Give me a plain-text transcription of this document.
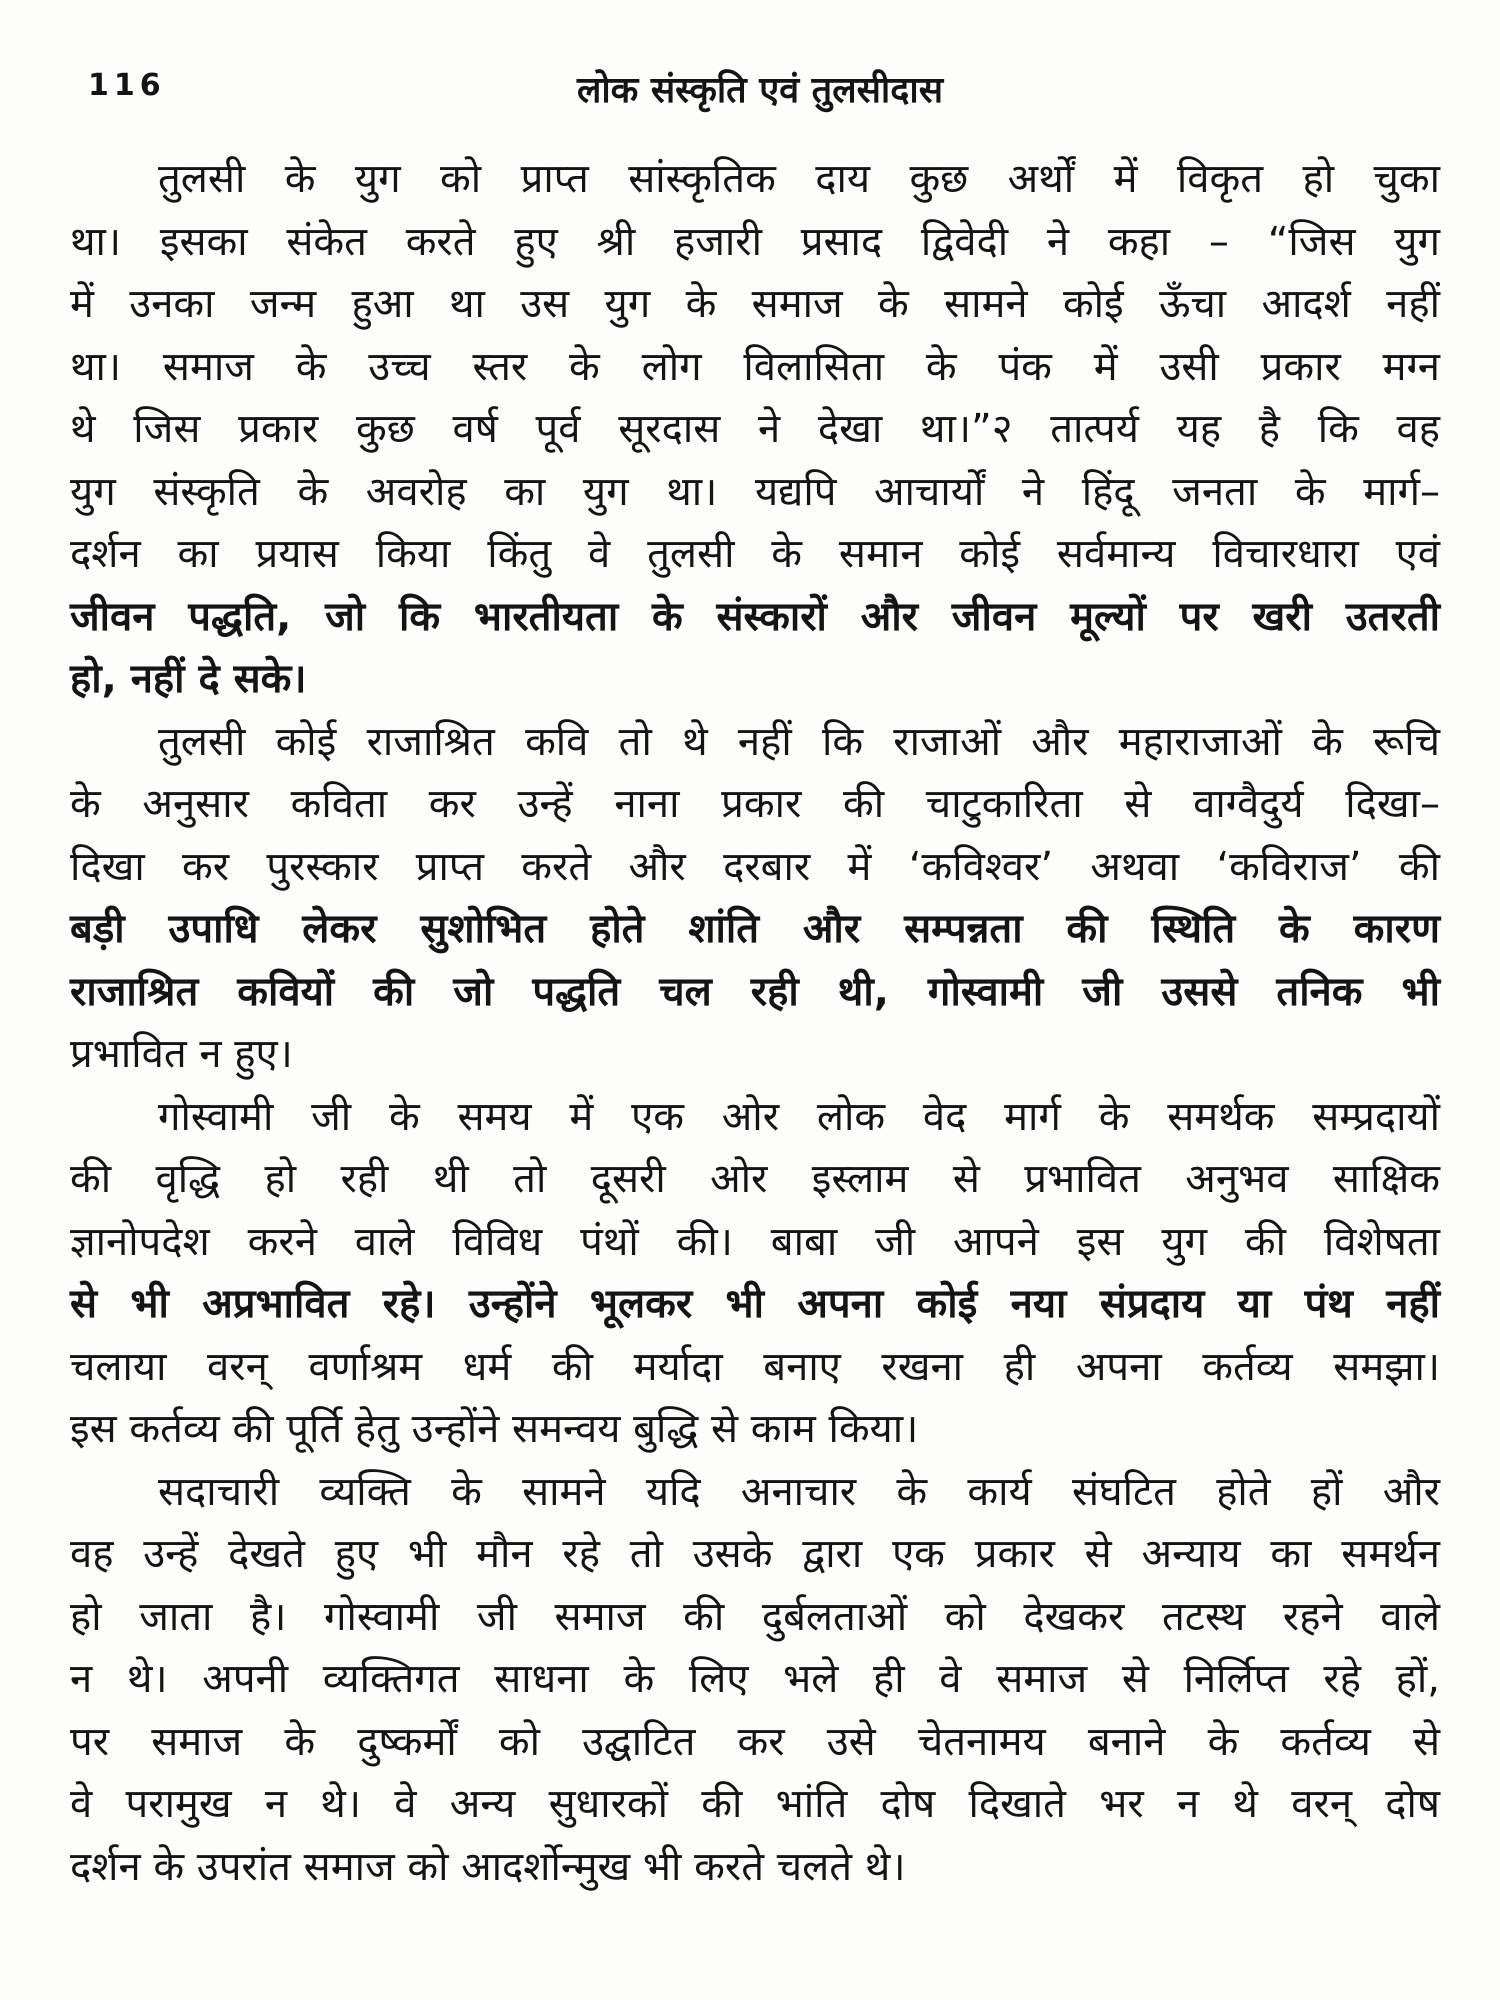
116	लोक संस्कृति एवं तुलसीदास
तुलसी के युग को प्राप्त सांस्कृतिक दाय कुछ अर्थों में विकृत हो चुका
था। इसका संकेत करते हुए श्री हजारी प्रसाद द्विवेदी ने कहा – “जिस युग
में उनका जन्म हुआ था उस युग के समाज के सामने कोई ऊँचा आदर्श नहीं
था। समाज के उच्च स्तर के लोग विलासिता के पंक में उसी प्रकार मग्न
थे जिस प्रकार कुछ वर्ष पूर्व सूरदास ने देखा था।”२ तात्पर्य यह है कि वह
युग संस्कृति के अवरोह का युग था। यद्यपि आचार्यों ने हिंदू जनता के मार्ग–
दर्शन का प्रयास किया किंतु वे तुलसी के समान कोई सर्वमान्य विचारधारा एवं
जीवन पद्धति, जो कि भारतीयता के संस्कारों और जीवन मूल्यों पर खरी उतरती
हो, नहीं दे सके।
तुलसी कोई राजाश्रित कवि तो थे नहीं कि राजाओं और महाराजाओं के रूचि
के अनुसार कविता कर उन्हें नाना प्रकार की चाटुकारिता से वाग्वैदुर्य दिखा–
दिखा कर पुरस्कार प्राप्त करते और दरबार में ‘कविश्वर’ अथवा ‘कविराज’ की
बड़ी उपाधि लेकर सुशोभित होते शांति और सम्पन्नता की स्थिति के कारण
राजाश्रित कवियों की जो पद्धति चल रही थी, गोस्वामी जी उससे तनिक भी
प्रभावित न हुए।
गोस्वामी जी के समय में एक ओर लोक वेद मार्ग के समर्थक सम्प्रदायों
की वृद्धि हो रही थी तो दूसरी ओर इस्लाम से प्रभावित अनुभव साक्षिक
ज्ञानोपदेश करने वाले विविध पंथों की। बाबा जी आपने इस युग की विशेषता
से भी अप्रभावित रहे। उन्होंने भूलकर भी अपना कोई नया संप्रदाय या पंथ नहीं
चलाया वरन् वर्णाश्रम धर्म की मर्यादा बनाए रखना ही अपना कर्तव्य समझा।
इस कर्तव्य की पूर्ति हेतु उन्होंने समन्वय बुद्धि से काम किया।
सदाचारी व्यक्ति के सामने यदि अनाचार के कार्य संघटित होते हों और
वह उन्हें देखते हुए भी मौन रहे तो उसके द्वारा एक प्रकार से अन्याय का समर्थन
हो जाता है। गोस्वामी जी समाज की दुर्बलताओं को देखकर तटस्थ रहने वाले
न थे। अपनी व्यक्तिगत साधना के लिए भले ही वे समाज से निर्लिप्त रहे हों,
पर समाज के दुष्कर्मों को उद्घाटित कर उसे चेतनामय बनाने के कर्तव्य से
वे परामुख न थे। वे अन्य सुधारकों की भांति दोष दिखाते भर न थे वरन् दोष
दर्शन के उपरांत समाज को आदर्शोन्मुख भी करते चलते थे।
